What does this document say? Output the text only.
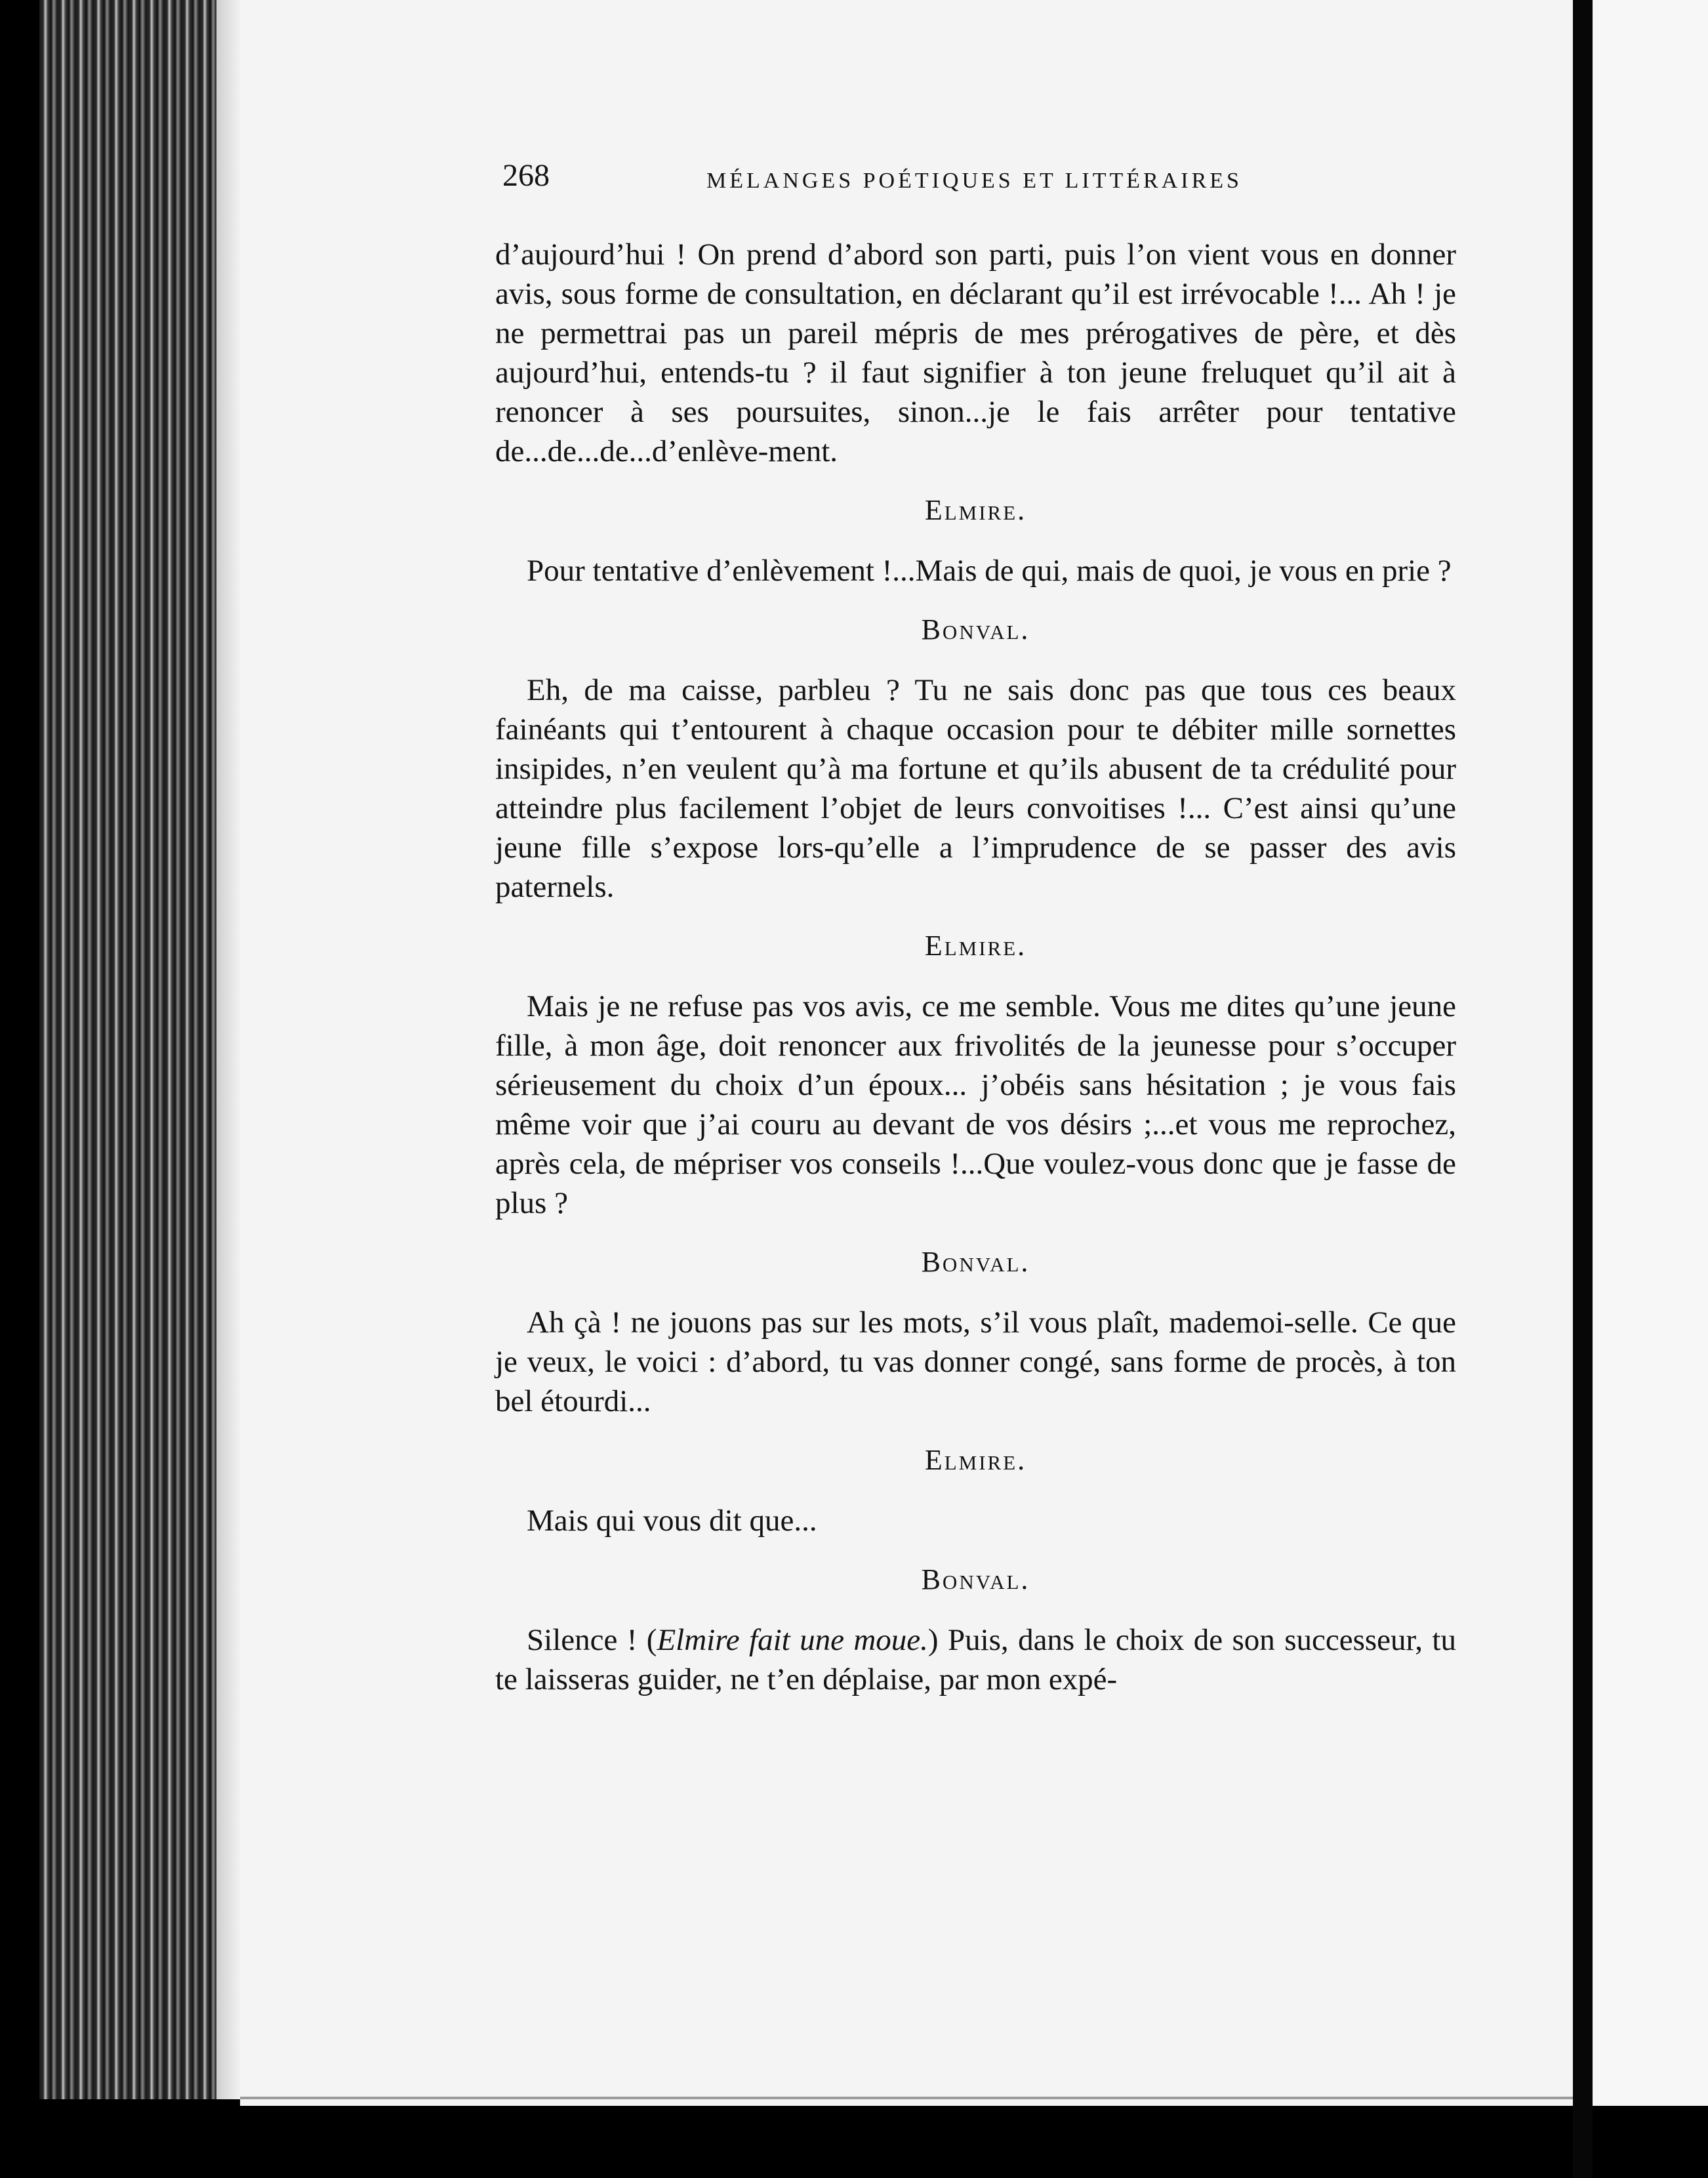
268	MÉLANGES POÉTIQUES ET LITTÉRAIRES

d’aujourd’hui ! On prend d’abord son parti, puis l’on vient vous en donner avis, sous forme de consultation, en déclarant qu’il est irrévocable !... Ah ! je ne permettrai pas un pareil mépris de mes prérogatives de père, et dès aujourd’hui, entends-tu ? il faut signifier à ton jeune freluquet qu’il ait à renoncer à ses poursuites, sinon...je le fais arrêter pour tentative de...de...de...d’enlève-ment.

Elmire.

Pour tentative d’enlèvement !...Mais de qui, mais de quoi, je vous en prie ?

Bonval.

Eh, de ma caisse, parbleu ? Tu ne sais donc pas que tous ces beaux fainéants qui t’entourent à chaque occasion pour te débiter mille sornettes insipides, n’en veulent qu’à ma fortune et qu’ils abusent de ta crédulité pour atteindre plus facilement l’objet de leurs convoitises !... C’est ainsi qu’une jeune fille s’expose lors-qu’elle a l’imprudence de se passer des avis paternels.

Elmire.

Mais je ne refuse pas vos avis, ce me semble. Vous me dites qu’une jeune fille, à mon âge, doit renoncer aux frivolités de la jeunesse pour s’occuper sérieusement du choix d’un époux... j’obéis sans hésitation ; je vous fais même voir que j’ai couru au devant de vos désirs ;...et vous me reprochez, après cela, de mépriser vos conseils !...Que voulez-vous donc que je fasse de plus ?

Bonval.

Ah çà ! ne jouons pas sur les mots, s’il vous plaît, mademoi-selle. Ce que je veux, le voici : d’abord, tu vas donner congé, sans forme de procès, à ton bel étourdi...

Elmire.

Mais qui vous dit que...

Bonval.

Silence ! (Elmire fait une moue.) Puis, dans le choix de son successeur, tu te laisseras guider, ne t’en déplaise, par mon expé-
